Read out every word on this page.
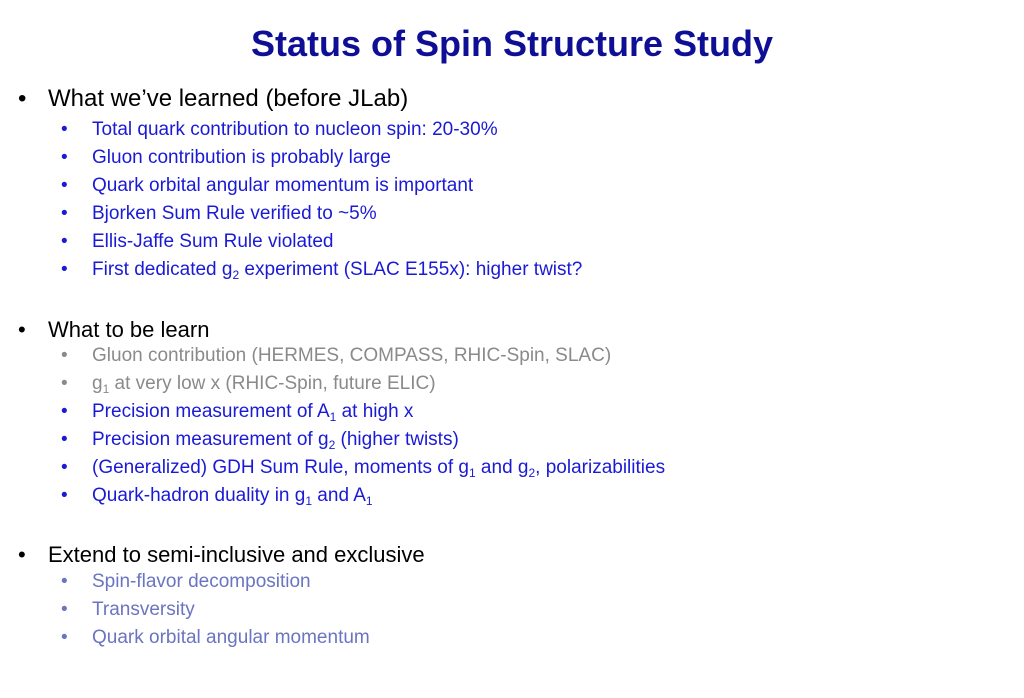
Status of Spin Structure Study
• What we’ve learned (before JLab)
• Total quark contribution to nucleon spin: 20-30%
• Gluon contribution is probably large
• Quark orbital angular momentum is important
• Bjorken Sum Rule verified to ~5%
• Ellis-Jaffe Sum Rule violated
• First dedicated $g_2$ experiment (SLAC E155x): higher twist?
• What to be learn
• Gluon contribution (HERMES, COMPASS, RHIC-Spin, SLAC)
• $g_1$ at very low x (RHIC-Spin, future ELIC)
• Precision measurement of $A_1$ at high x
• Precision measurement of $g_2$ (higher twists)
• (Generalized) GDH Sum Rule, moments of $g_1$ and $g_2$, polarizabilities
• Quark-hadron duality in $g_1$ and $A_1$
• Extend to semi-inclusive and exclusive
• Spin-flavor decomposition
• Transversity
• Quark orbital angular momentum
